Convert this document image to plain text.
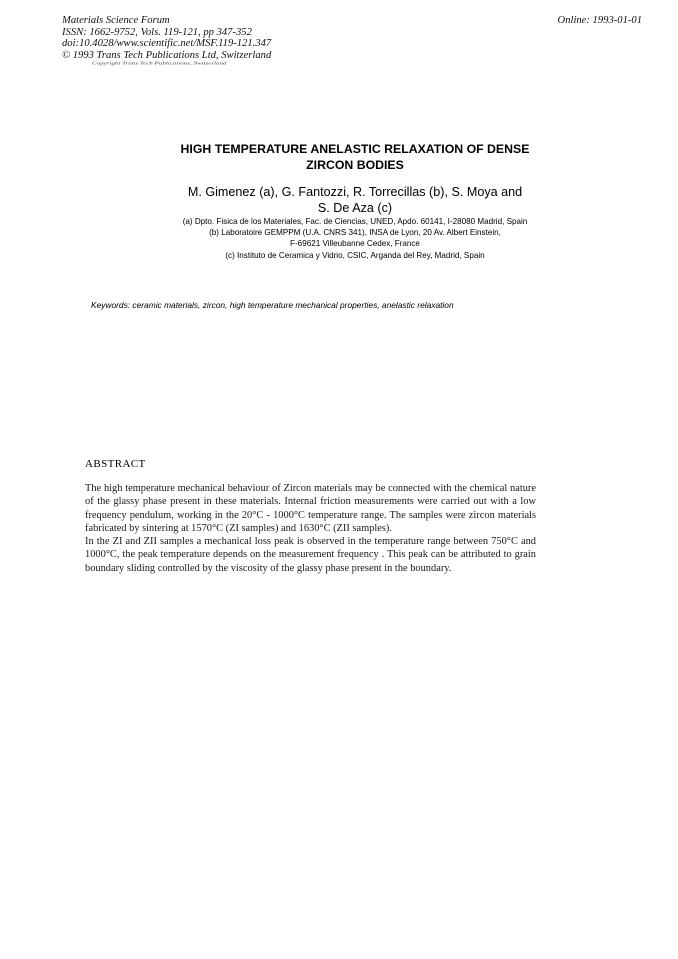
Materials Science Forum
ISSN: 1662-9752, Vols. 119-121, pp 347-352
doi:10.4028/www.scientific.net/MSF.119-121.347
© 1993 Trans Tech Publications Ltd, Switzerland
Copyright Trans Tech Publications, Switzerland
Online: 1993-01-01
HIGH TEMPERATURE ANELASTIC RELAXATION OF DENSE
ZIRCON BODIES
M. Gimenez (a), G. Fantozzi, R. Torrecillas (b), S. Moya and
S. De Aza (c)
(a) Dpto. Fisica de los Materiales, Fac. de Ciencias, UNED, Apdo. 60141, I-28080 Madrid, Spain
(b) Laboratoire GEMPPM (U.A. CNRS 341), INSA de Lyon, 20 Av. Albert Einstein,
F-69621 Villeubanne Cedex, France
(c) Instituto de Ceramica y Vidrio, CSIC, Arganda del Rey, Madrid, Spain
Keywords: ceramic materials, zircon, high temperature mechanical properties, anelastic relaxation
ABSTRACT

The high temperature mechanical behaviour of Zircon materials may be connected with the chemical nature of the glassy phase present in these materials. Internal friction measurements were carried out with a low frequency pendulum, working in the 20°C - 1000°C temperature range. The samples were zircon materials fabricated by sintering at 1570°C (ZI samples) and 1630°C (ZII samples).

In the ZI and ZII samples a mechanical loss peak is observed in the temperature range between 750°C and 1000°C, the peak temperature depends on the measurement frequency . This peak can be attributed to grain boundary sliding controlled by the viscosity of the glassy phase present in the boundary.
